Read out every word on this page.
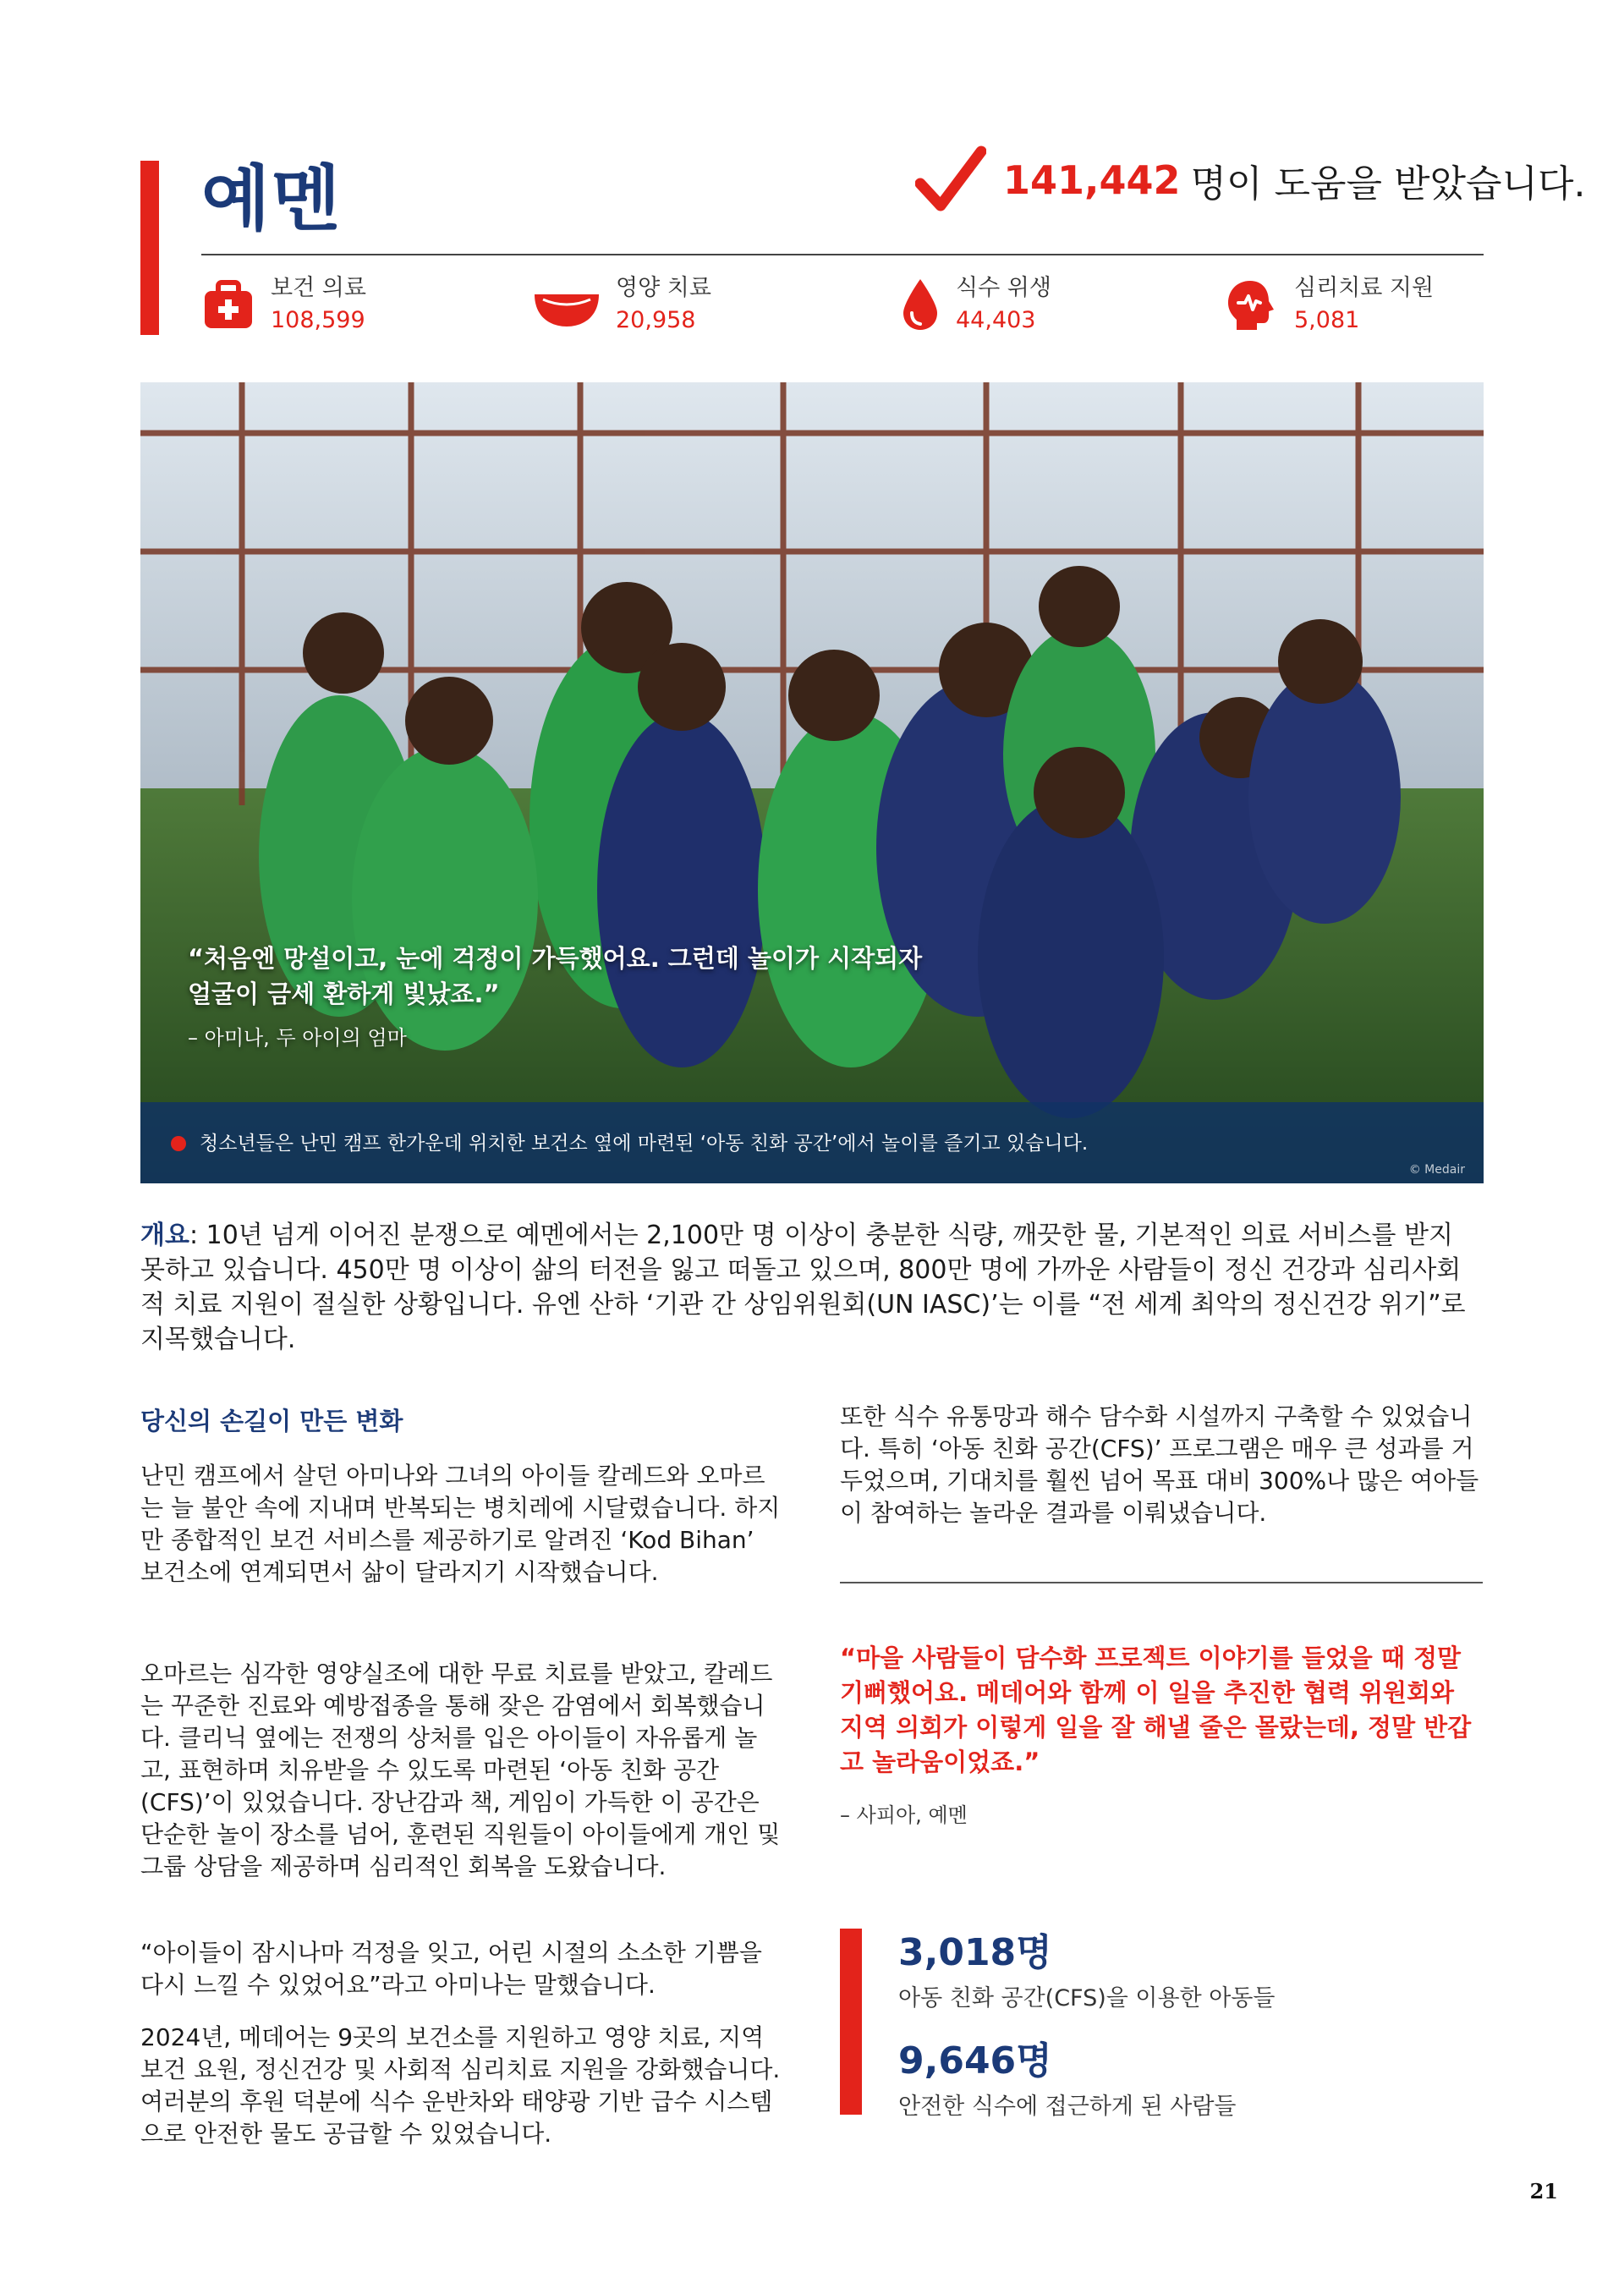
예멘	141,442 명이 도움을 받았습니다.
보건 의료
108,599
영양 치료
20,958
식수 위생
44,403
심리치료 지원
5,081
“처음엔 망설이고, 눈에 걱정이 가득했어요. 그런데 놀이가 시작되자 얼굴이 금세 환하게 빛났죠.”
– 아미나, 두 아이의 엄마
청소년들은 난민 캠프 한가운데 위치한 보건소 옆에 마련된 ‘아동 친화 공간’에서 놀이를 즐기고 있습니다.
© Medair

개요: 10년 넘게 이어진 분쟁으로 예멘에서는 2,100만 명 이상이 충분한 식량, 깨끗한 물, 기본적인 의료 서비스를 받지 못하고 있습니다. 450만 명 이상이 삶의 터전을 잃고 떠돌고 있으며, 800만 명에 가까운 사람들이 정신 건강과 심리사회적 치료 지원이 절실한 상황입니다. 유엔 산하 ‘기관 간 상임위원회(UN IASC)’는 이를 “전 세계 최악의 정신건강 위기”로 지목했습니다.

당신의 손길이 만든 변화

난민 캠프에서 살던 아미나와 그녀의 아이들 칼레드와 오마르는 늘 불안 속에 지내며 반복되는 병치레에 시달렸습니다. 하지만 종합적인 보건 서비스를 제공하기로 알려진 ‘Kod Bihan’ 보건소에 연계되면서 삶이 달라지기 시작했습니다.

오마르는 심각한 영양실조에 대한 무료 치료를 받았고, 칼레드는 꾸준한 진료와 예방접종을 통해 잦은 감염에서 회복했습니다. 클리닉 옆에는 전쟁의 상처를 입은 아이들이 자유롭게 놀고, 표현하며 치유받을 수 있도록 마련된 ‘아동 친화 공간(CFS)’이 있었습니다. 장난감과 책, 게임이 가득한 이 공간은 단순한 놀이 장소를 넘어, 훈련된 직원들이 아이들에게 개인 및 그룹 상담을 제공하며 심리적인 회복을 도왔습니다.

“아이들이 잠시나마 걱정을 잊고, 어린 시절의 소소한 기쁨을 다시 느낄 수 있었어요”라고 아미나는 말했습니다.

2024년, 메데어는 9곳의 보건소를 지원하고 영양 치료, 지역 보건 요원, 정신건강 및 사회적 심리치료 지원을 강화했습니다. 여러분의 후원 덕분에 식수 운반차와 태양광 기반 급수 시스템으로 안전한 물도 공급할 수 있었습니다.

또한 식수 유통망과 해수 담수화 시설까지 구축할 수 있었습니다. 특히 ‘아동 친화 공간(CFS)’ 프로그램은 매우 큰 성과를 거두었으며, 기대치를 훨씬 넘어 목표 대비 300%나 많은 여아들이 참여하는 놀라운 결과를 이뤄냈습니다.

“마을 사람들이 담수화 프로젝트 이야기를 들었을 때 정말 기뻐했어요. 메데어와 함께 이 일을 추진한 협력 위원회와 지역 의회가 이렇게 일을 잘 해낼 줄은 몰랐는데, 정말 반갑고 놀라움이었죠.”
– 사피아, 예멘
3,018명
아동 친화 공간(CFS)을 이용한 아동들
9,646명
안전한 식수에 접근하게 된 사람들
21
